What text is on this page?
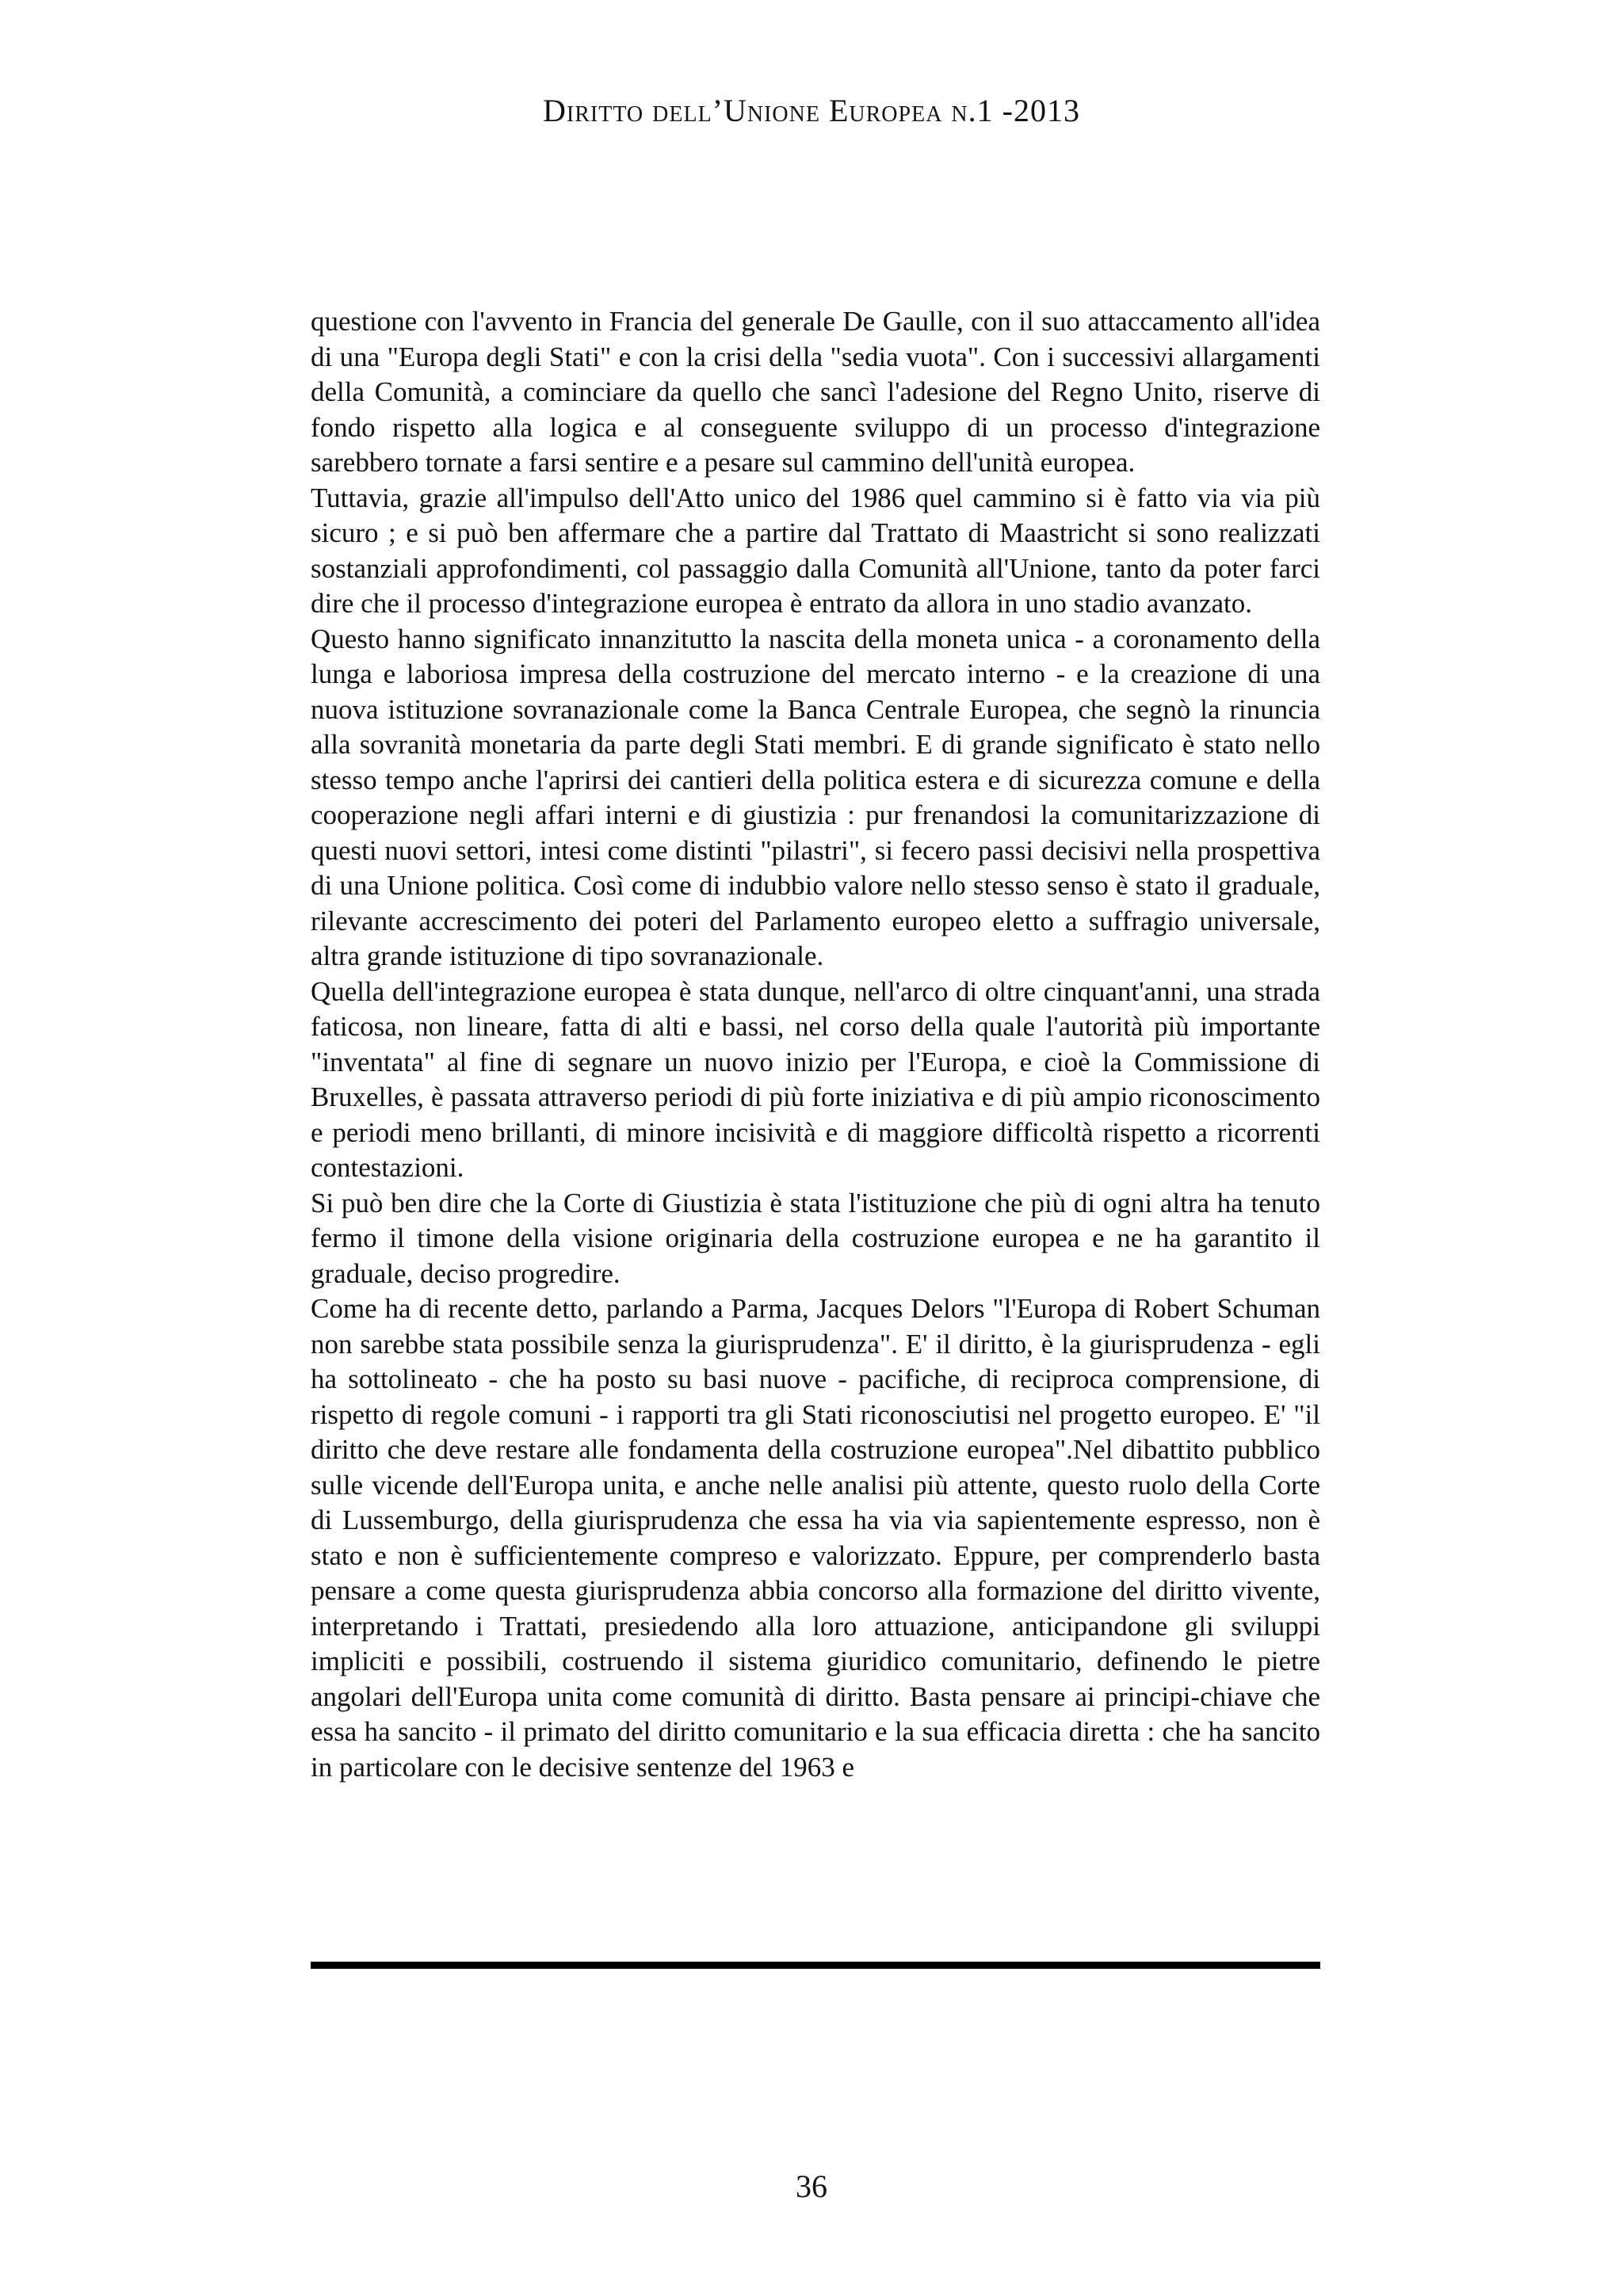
Diritto dell’Unione Europea n.1 -2013

questione con l'avvento in Francia del generale De Gaulle, con il suo attaccamento all'idea di una "Europa degli Stati" e con la crisi della "sedia vuota". Con i successivi allargamenti della Comunità, a cominciare da quello che sancì l'adesione del Regno Unito, riserve di fondo rispetto alla logica e al conseguente sviluppo di un processo d'integrazione sarebbero tornate a farsi sentire e a pesare sul cammino dell'unità europea.

Tuttavia, grazie all'impulso dell'Atto unico del 1986 quel cammino si è fatto via via più sicuro ; e si può ben affermare che a partire dal Trattato di Maastricht si sono realizzati sostanziali approfondimenti, col passaggio dalla Comunità all'Unione, tanto da poter farci dire che il processo d'integrazione europea è entrato da allora in uno stadio avanzato.

Questo hanno significato innanzitutto la nascita della moneta unica - a coronamento della lunga e laboriosa impresa della costruzione del mercato interno - e la creazione di una nuova istituzione sovranazionale come la Banca Centrale Europea, che segnò la rinuncia alla sovranità monetaria da parte degli Stati membri. E di grande significato è stato nello stesso tempo anche l'aprirsi dei cantieri della politica estera e di sicurezza comune e della cooperazione negli affari interni e di giustizia : pur frenandosi la comunitarizzazione di questi nuovi settori, intesi come distinti "pilastri", si fecero passi decisivi nella prospettiva di una Unione politica. Così come di indubbio valore nello stesso senso è stato il graduale, rilevante accrescimento dei poteri del Parlamento europeo eletto a suffragio universale, altra grande istituzione di tipo sovranazionale.

Quella dell'integrazione europea è stata dunque, nell'arco di oltre cinquant'anni, una strada faticosa, non lineare, fatta di alti e bassi, nel corso della quale l'autorità più importante "inventata" al fine di segnare un nuovo inizio per l'Europa, e cioè la Commissione di Bruxelles, è passata attraverso periodi di più forte iniziativa e di più ampio riconoscimento e periodi meno brillanti, di minore incisività e di maggiore difficoltà rispetto a ricorrenti contestazioni.

Si può ben dire che la Corte di Giustizia è stata l'istituzione che più di ogni altra ha tenuto fermo il timone della visione originaria della costruzione europea e ne ha garantito il graduale, deciso progredire.

Come ha di recente detto, parlando a Parma, Jacques Delors "l'Europa di Robert Schuman non sarebbe stata possibile senza la giurisprudenza". E' il diritto, è la giurisprudenza - egli ha sottolineato - che ha posto su basi nuove - pacifiche, di reciproca comprensione, di rispetto di regole comuni - i rapporti tra gli Stati riconosciutisi nel progetto europeo. E' "il diritto che deve restare alle fondamenta della costruzione europea".Nel dibattito pubblico sulle vicende dell'Europa unita, e anche nelle analisi più attente, questo ruolo della Corte di Lussemburgo, della giurisprudenza che essa ha via via sapientemente espresso, non è stato e non è sufficientemente compreso e valorizzato. Eppure, per comprenderlo basta pensare a come questa giurisprudenza abbia concorso alla formazione del diritto vivente, interpretando i Trattati, presiedendo alla loro attuazione, anticipandone gli sviluppi impliciti e possibili, costruendo il sistema giuridico comunitario, definendo le pietre angolari dell'Europa unita come comunità di diritto. Basta pensare ai principi-chiave che essa ha sancito - il primato del diritto comunitario e la sua efficacia diretta : che ha sancito in particolare con le decisive sentenze del 1963 e

36
